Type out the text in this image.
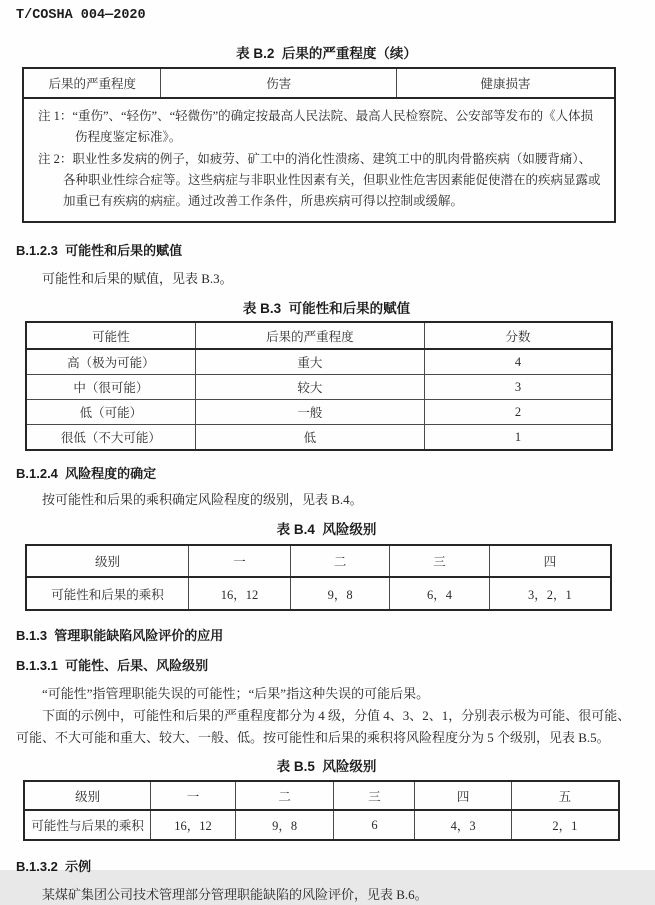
T/COSHA 004—2020
表 B.2  后果的严重程度（续）
后果的严重程度	伤害	健康损害

注 1：“重伤”、“轻伤”、“轻微伤”的确定按最高人民法院、最高人民检察院、公安部等发布的《人体损伤程度鉴定标准》。
注 2：职业性多发病的例子，如疲劳、矿工中的消化性溃疡、建筑工中的肌肉骨骼疾病（如腰背痛）、各种职业性综合症等。这些病症与非职业性因素有关，但职业性危害因素能促使潜在的疾病显露或加重已有疾病的病症。通过改善工作条件，所患疾病可得以控制或缓解。
B.1.2.3  可能性和后果的赋值

可能性和后果的赋值，见表 B.3。

表 B.3  可能性和后果的赋值
可能性	后果的严重程度	分数
高（极为可能）	重大	4
中（很可能）	较大	3
低（可能）	一般	2
很低（不大可能）	低	1
B.1.2.4  风险程度的确定

按可能性和后果的乘积确定风险程度的级别，见表 B.4。

表 B.4  风险级别
级别	一	二	三	四
可能性和后果的乘积	16，12	9，8	6，4	3，2，1
B.1.3  管理职能缺陷风险评价的应用
B.1.3.1  可能性、后果、风险级别

“可能性”指管理职能失误的可能性；“后果”指这种失误的可能后果。

下面的示例中，可能性和后果的严重程度都分为 4 级，分值 4、3、2、1，分别表示极为可能、很可能、可能、不大可能和重大、较大、一般、低。按可能性和后果的乘积将风险程度分为 5 个级别，见表 B.5。

表 B.5  风险级别
级别	一	二	三	四	五
可能性与后果的乘积	16，12	9，8	6	4，3	2，1
B.1.3.2  示例

某煤矿集团公司技术管理部分管理职能缺陷的风险评价，见表 B.6。
